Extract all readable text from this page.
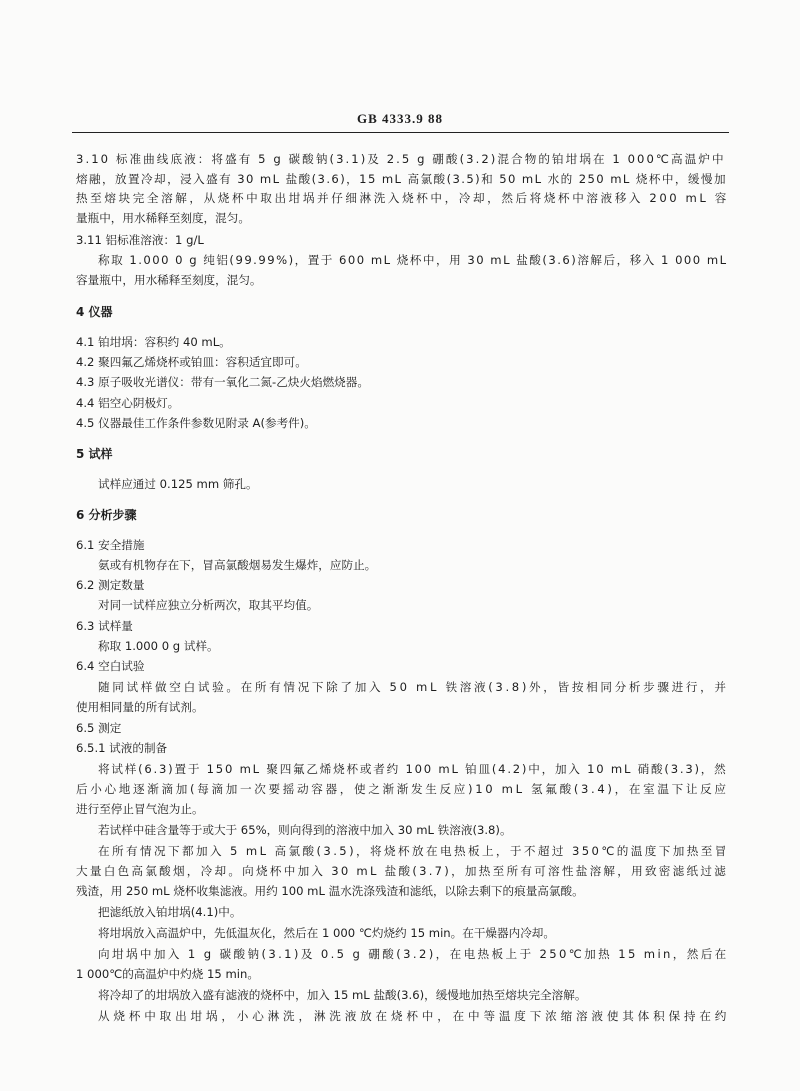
GB 4333.9 88
3.10 标准曲线底液：将盛有 5 g 碳酸钠(3.1)及 2.5 g 硼酸(3.2)混合物的铂坩埚在 1 000℃高温炉中
熔融，放置冷却，浸入盛有 30 mL 盐酸(3.6)，15 mL 高氯酸(3.5)和 50 mL 水的 250 mL 烧杯中，缓慢加
热至熔块完全溶解，从烧杯中取出坩埚并仔细淋洗入烧杯中，冷却，然后将烧杯中溶液移入 200 mL 容
量瓶中，用水稀释至刻度，混匀。
3.11 铝标准溶液：1 g/L
称取 1.000 0 g 纯铝(99.99%)，置于 600 mL 烧杯中，用 30 mL 盐酸(3.6)溶解后，移入 1 000 mL
容量瓶中，用水稀释至刻度，混匀。
4 仪器
4.1 铂坩埚：容积约 40 mL。
4.2 聚四氟乙烯烧杯或铂皿：容积适宜即可。
4.3 原子吸收光谱仪：带有一氧化二氮-乙炔火焰燃烧器。
4.4 铝空心阴极灯。
4.5 仪器最佳工作条件参数见附录 A(参考件)。
5 试样
试样应通过 0.125 mm 筛孔。
6 分析步骤
6.1 安全措施
氨或有机物存在下，冒高氯酸烟易发生爆炸，应防止。
6.2 测定数量
对同一试样应独立分析两次，取其平均值。
6.3 试样量
称取 1.000 0 g 试样。
6.4 空白试验
随同试样做空白试验。在所有情况下除了加入 50 mL 铁溶液(3.8)外，皆按相同分析步骤进行，并
使用相同量的所有试剂。
6.5 测定
6.5.1 试液的制备
将试样(6.3)置于 150 mL 聚四氟乙烯烧杯或者约 100 mL 铂皿(4.2)中，加入 10 mL 硝酸(3.3)，然
后小心地逐渐滴加(每滴加一次要摇动容器，使之渐渐发生反应)10 mL 氢氟酸(3.4)，在室温下让反应
进行至停止冒气泡为止。
若试样中硅含量等于或大于 65%，则向得到的溶液中加入 30 mL 铁溶液(3.8)。
在所有情况下都加入 5 mL 高氯酸(3.5)，将烧杯放在电热板上，于不超过 350℃的温度下加热至冒
大量白色高氯酸烟，冷却。向烧杯中加入 30 mL 盐酸(3.7)，加热至所有可溶性盐溶解，用致密滤纸过滤
残渣，用 250 mL 烧杯收集滤液。用约 100 mL 温水洗涤残渣和滤纸，以除去剩下的痕量高氯酸。
把滤纸放入铂坩埚(4.1)中。
将坩埚放入高温炉中，先低温灰化，然后在 1 000 ℃灼烧约 15 min。在干燥器内冷却。
向坩埚中加入 1 g 碳酸钠(3.1)及 0.5 g 硼酸(3.2)，在电热板上于 250℃加热 15 min，然后在
1 000℃的高温炉中灼烧 15 min。
将冷却了的坩埚放入盛有滤液的烧杯中，加入 15 mL 盐酸(3.6)，缓慢地加热至熔块完全溶解。
从烧杯中取出坩埚，小心淋洗，淋洗液放在烧杯中，在中等温度下浓缩溶液使其体积保持在约
